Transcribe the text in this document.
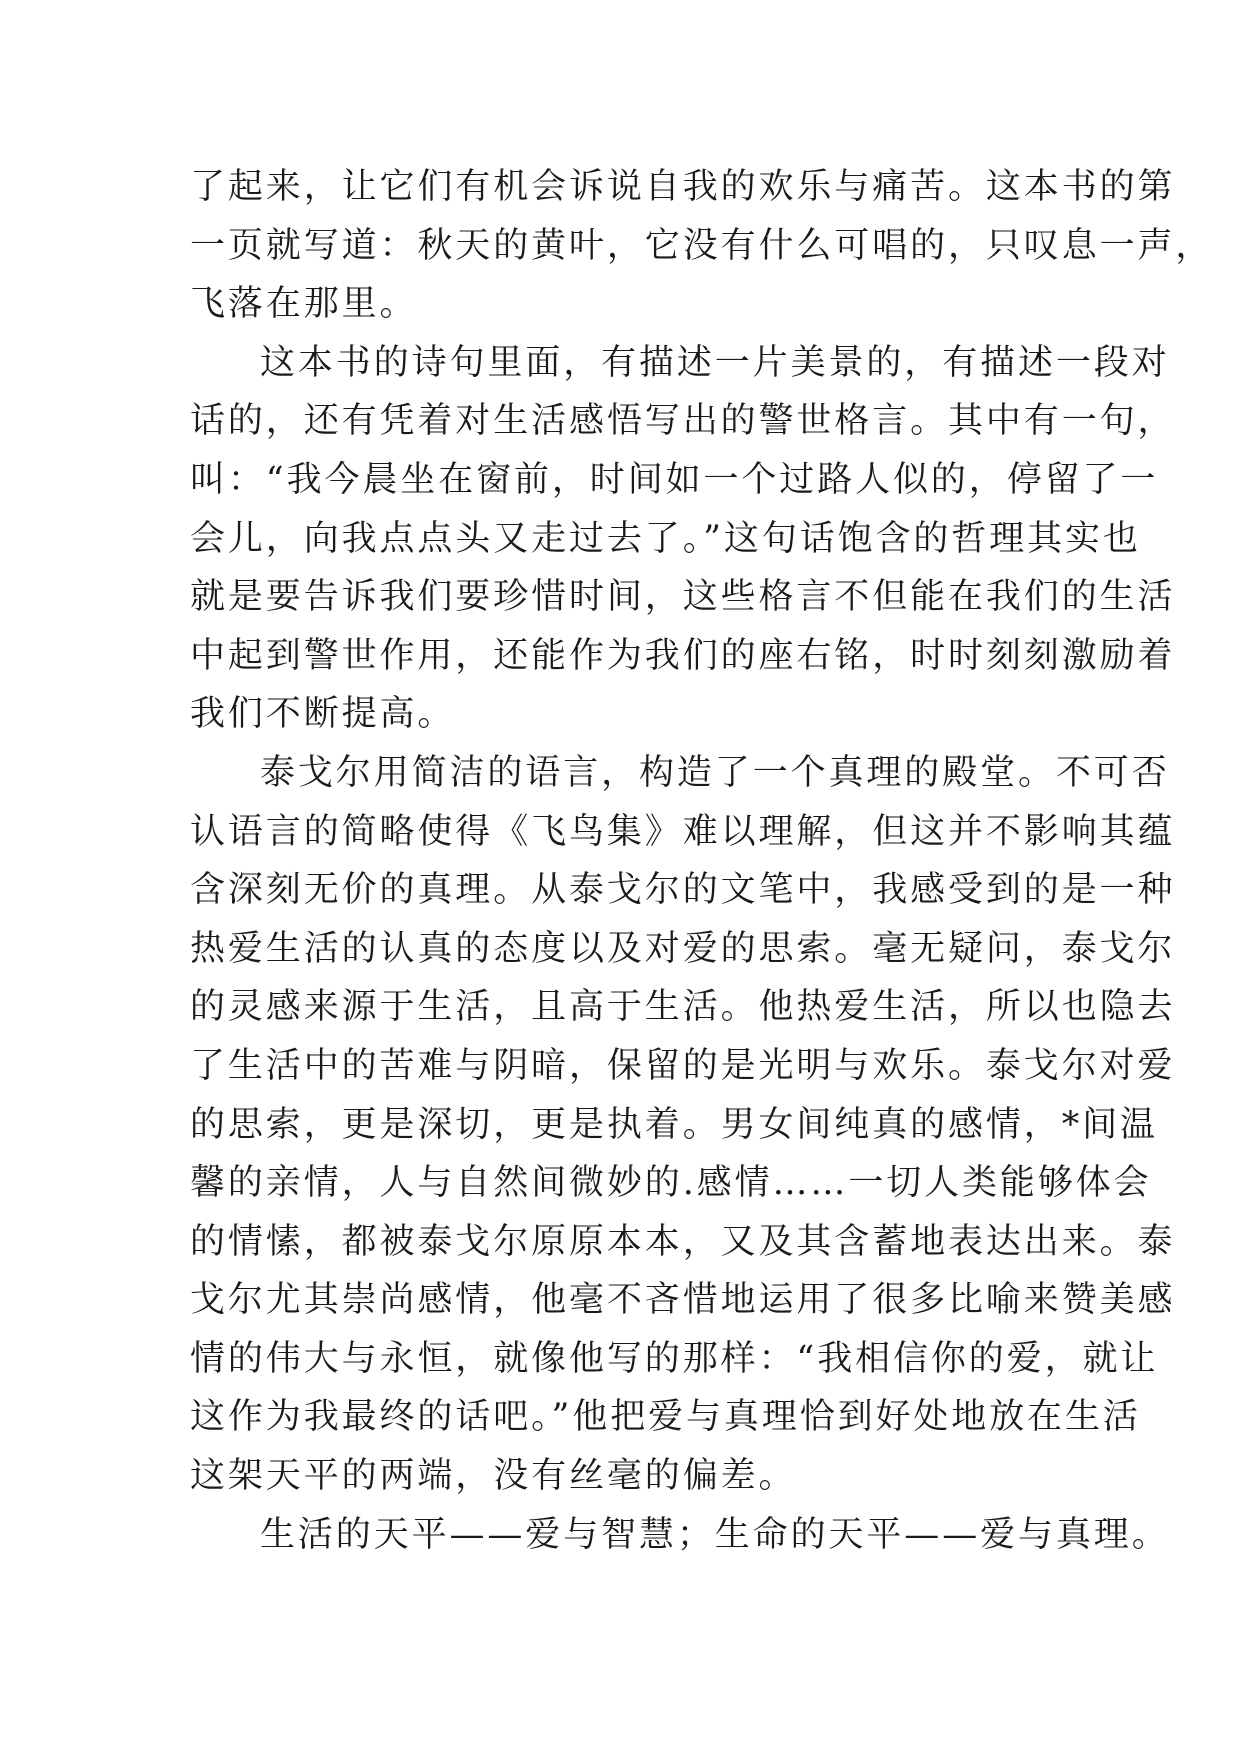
了起来，让它们有机会诉说自我的欢乐与痛苦。这本书的第
一页就写道：秋天的黄叶，它没有什么可唱的，只叹息一声，
飞落在那里。
这本书的诗句里面，有描述一片美景的，有描述一段对
话的，还有凭着对生活感悟写出的警世格言。其中有一句，
叫：“我今晨坐在窗前，时间如一个过路人似的，停留了一
会儿，向我点点头又走过去了。”这句话饱含的哲理其实也
就是要告诉我们要珍惜时间，这些格言不但能在我们的生活
中起到警世作用，还能作为我们的座右铭，时时刻刻激励着
我们不断提高。
泰戈尔用简洁的语言，构造了一个真理的殿堂。不可否
认语言的简略使得《飞鸟集》难以理解，但这并不影响其蕴
含深刻无价的真理。从泰戈尔的文笔中，我感受到的是一种
热爱生活的认真的态度以及对爱的思索。毫无疑问，泰戈尔
的灵感来源于生活，且高于生活。他热爱生活，所以也隐去
了生活中的苦难与阴暗，保留的是光明与欢乐。泰戈尔对爱
的思索，更是深切，更是执着。男女间纯真的感情，*间温
馨的亲情，人与自然间微妙的.感情……一切人类能够体会
的情愫，都被泰戈尔原原本本，又及其含蓄地表达出来。泰
戈尔尤其崇尚感情，他毫不吝惜地运用了很多比喻来赞美感
情的伟大与永恒，就像他写的那样：“我相信你的爱，就让
这作为我最终的话吧。”他把爱与真理恰到好处地放在生活
这架天平的两端，没有丝毫的偏差。
生活的天平——爱与智慧；生命的天平——爱与真理。
